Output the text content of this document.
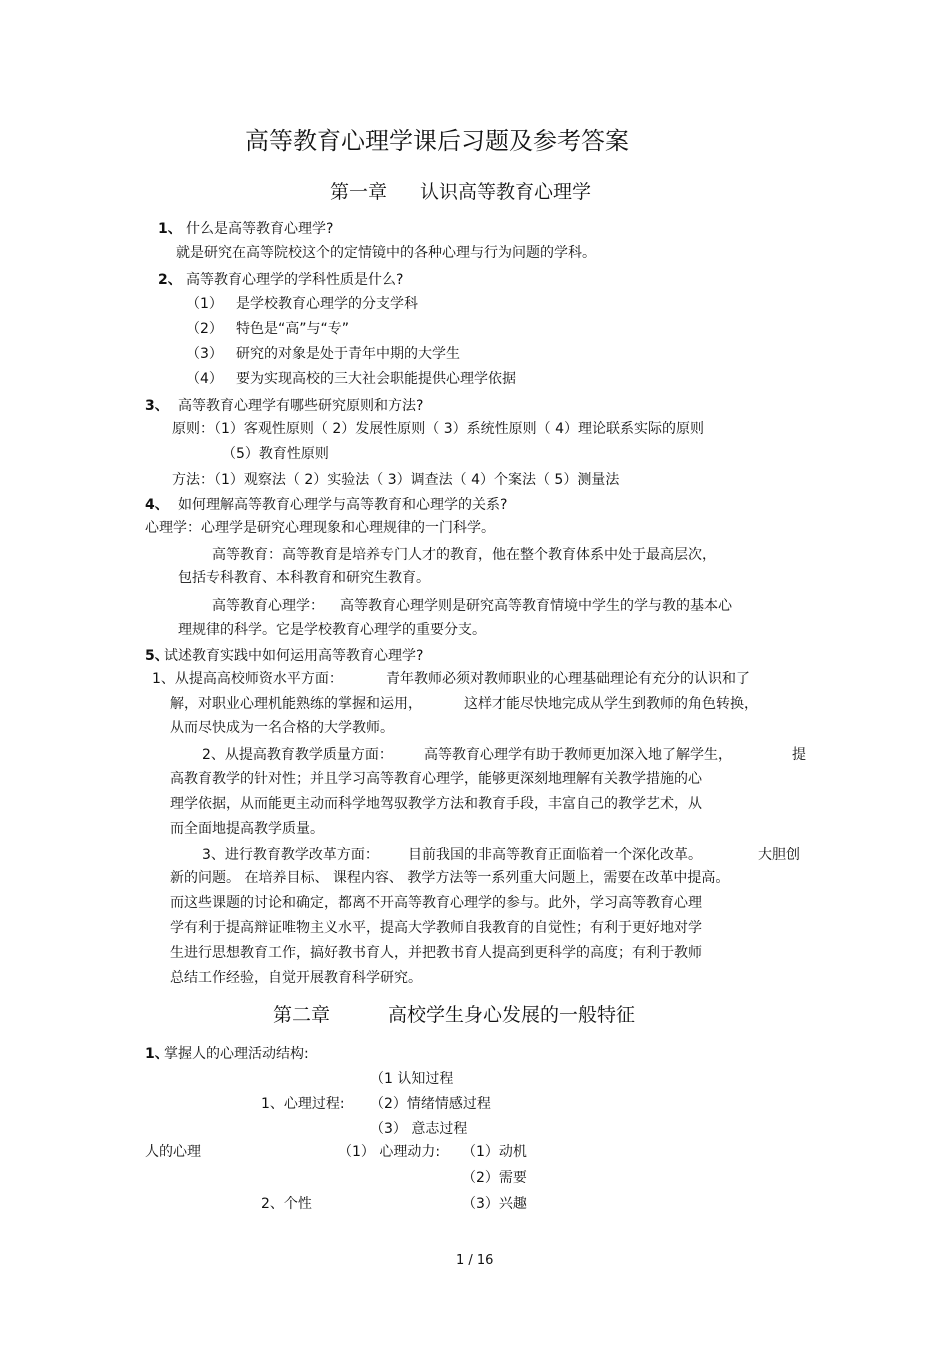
高等教育心理学课后习题及参考答案
第一章 认识高等教育心理学
1、 什么是高等教育心理学?
就是研究在高等院校这个的定情镜中的各种心理与行为问题的学科。
2、 高等教育心理学的学科性质是什么?
（1） 是学校教育心理学的分支学科
（2） 特色是“高”与“专”
（3） 研究的对象是处于青年中期的大学生
（4） 要为实现高校的三大社会职能提供心理学依据
3、 高等教育心理学有哪些研究原则和方法?
原则：（1）客观性原则（ 2）发展性原则（ 3）系统性原则（ 4）理论联系实际的原则
（5）教育性原则
方法：（1）观察法（ 2）实验法（ 3）调查法（ 4）个案法（ 5）测量法
4、 如何理解高等教育心理学与高等教育和心理学的关系?
心理学：心理学是研究心理现象和心理规律的一门科学。
高等教育：高等教育是培养专门人才的教育，他在整个教育体系中处于最高层次，
包括专科教育、本科教育和研究生教育。
高等教育心理学： 高等教育心理学则是研究高等教育情境中学生的学与教的基本心
理规律的科学。它是学校教育心理学的重要分支。
5、
试述教育实践中如何运用高等教育心理学?
1、从提高高校师资水平方面：	青年教师必须对教师职业的心理基础理论有充分的认识和了
解，对职业心理机能熟练的掌握和运用，	这样才能尽快地完成从学生到教师的角色转换，
从而尽快成为一名合格的大学教师。
2、从提高教育教学质量方面： 高等教育心理学有助于教师更加深入地了解学生，	提
高教育教学的针对性；并且学习高等教育心理学，能够更深刻地理解有关教学措施的心
理学依据，从而能更主动而科学地驾驭教学方法和教育手段，丰富自己的教学艺术，从
而全面地提高教学质量。
3、进行教育教学改革方面： 目前我国的非高等教育正面临着一个深化改革。	大胆创
新的问题。 在培养目标、 课程内容、 教学方法等一系列重大问题上，需要在改革中提高。
而这些课题的讨论和确定，都离不开高等教育心理学的参与。此外，学习高等教育心理
学有利于提高辩证唯物主义水平，提高大学教师自我教育的自觉性；有利于更好地对学
生进行思想教育工作，搞好教书育人，并把教书育人提高到更科学的高度；有利于教师
总结工作经验，自觉开展教育科学研究。
第二章	高校学生身心发展的一般特征
1、
掌握人的心理活动结构:
（1 认知过程
1、心理过程: （2）情绪情感过程
（3） 意志过程
人的心理	（1） 心理动力: （1）动机
（2）需要
2、个性	（3）兴趣
1 / 16
